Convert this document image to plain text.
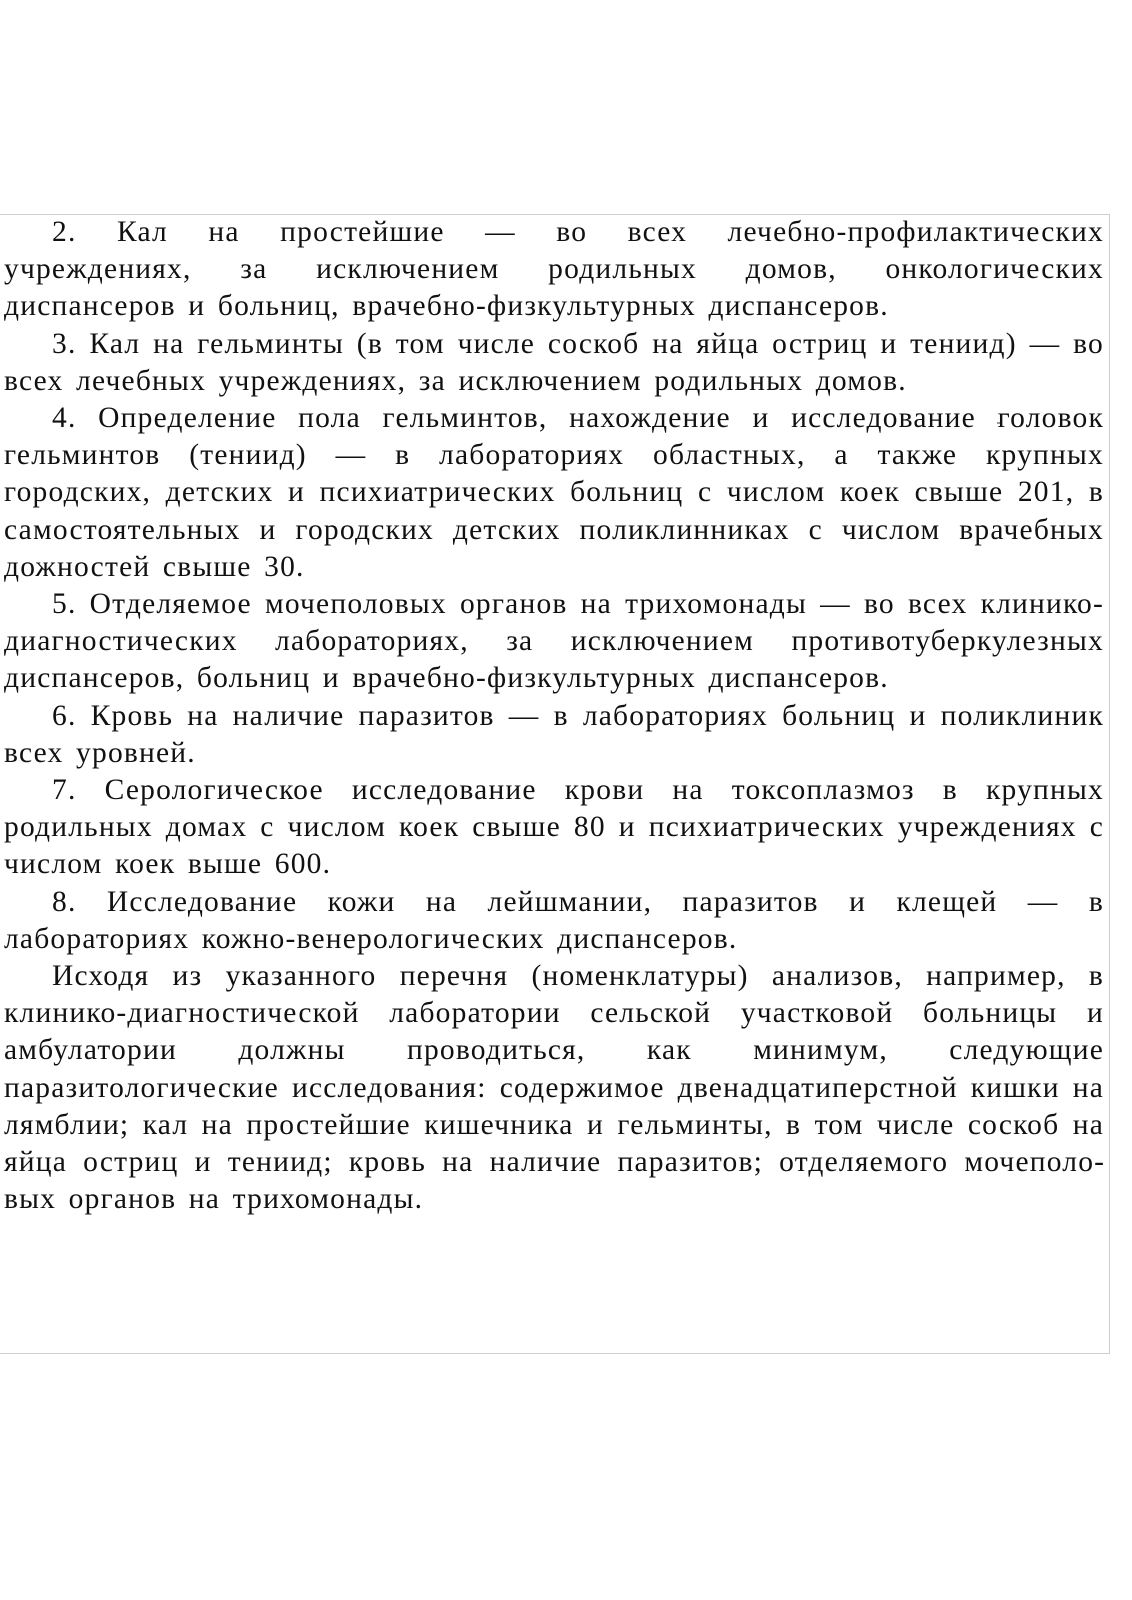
2. Кал на простейшие — во всех лечебно-профилактических учреждениях, за исключением родильных домов, онкологических диспансеров и больниц, врачебно-физкультурных диспансеров.

3. Кал на гельминты (в том числе соскоб на яйца остриц и тениид) — во всех лечебных учреждениях, за исключением родильных домов.

4. Определение пола гельминтов, нахождение и исследование головок гельминтов (тениид) — в лабораториях областных, а также крупных городских, детских и психиатрических больниц с числом коек свыше 201, в самостоятельных и городских детских поликлинниках с числом врачебных дожностей свыше 30.

5. Отделяемое мочеполовых органов на трихомонады — во всех клинико-диагностических лабораториях, за исключением противотуберкулезных диспансеров, больниц и врачебно-физкультурных диспансеров.

6. Кровь на наличие паразитов — в лабораториях больниц и поликлиник всех уровней.

7. Серологическое исследование крови на токсоплазмоз в крупных родильных домах с числом коек свыше 80 и психиатрических учреждениях с числом коек выше 600.

8. Исследование кожи на лейшмании, паразитов и клещей — в лабораториях кожно-венерологических диспансеров.

Исходя из указанного перечня (номенклатуры) анализов, например, в клинико-диагностической лаборатории сельской участковой больницы и амбулатории должны проводиться, как минимум, следующие паразитологические исследования: содержимое двенадцатиперстной кишки на лямблии; кал на простейшие кишечника и гельминты, в том числе соскоб на яйца остриц и тениид; кровь на наличие паразитов; отделяемого мочеполовых органов на трихомонады.
